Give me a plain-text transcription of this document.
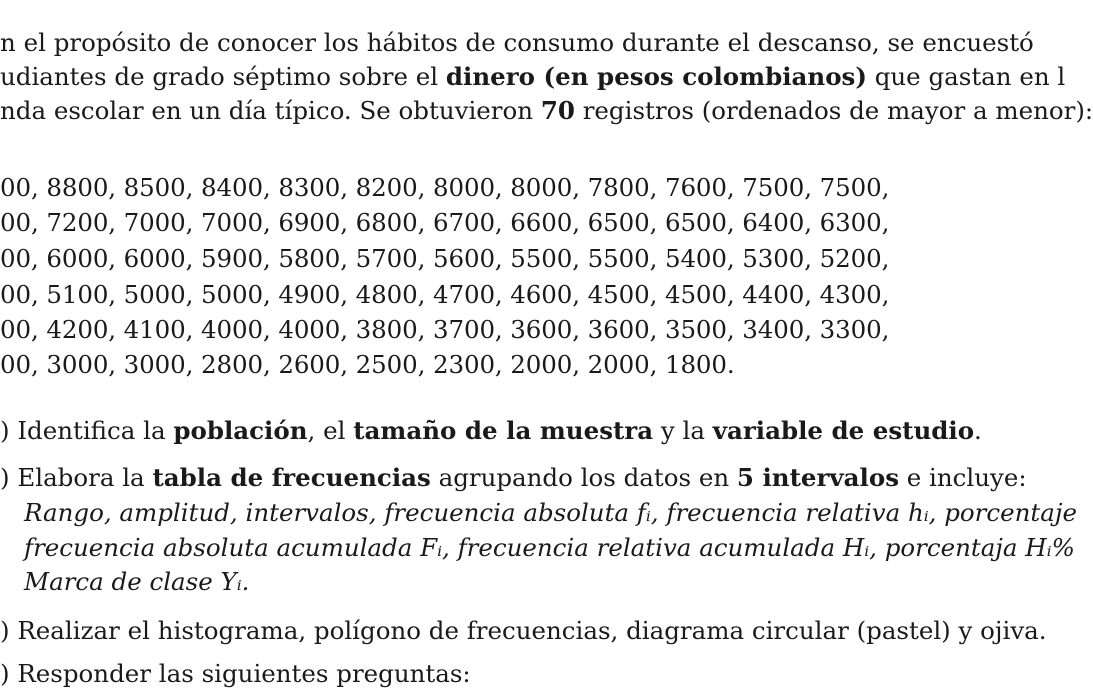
n el propósito de conocer los hábitos de consumo durante el descanso, se encuestó
udiantes de grado séptimo sobre el dinero (en pesos colombianos) que gastan en l
nda escolar en un día típico. Se obtuvieron 70 registros (ordenados de mayor a menor):
00, 8800, 8500, 8400, 8300, 8200, 8000, 8000, 7800, 7600, 7500, 7500,
00, 7200, 7000, 7000, 6900, 6800, 6700, 6600, 6500, 6500, 6400, 6300,
00, 6000, 6000, 5900, 5800, 5700, 5600, 5500, 5500, 5400, 5300, 5200,
00, 5100, 5000, 5000, 4900, 4800, 4700, 4600, 4500, 4500, 4400, 4300,
00, 4200, 4100, 4000, 4000, 3800, 3700, 3600, 3600, 3500, 3400, 3300,
00, 3000, 3000, 2800, 2600, 2500, 2300, 2000, 2000, 1800.
) Identifica la población, el tamaño de la muestra y la variable de estudio.
) Elabora la tabla de frecuencias agrupando los datos en 5 intervalos e incluye:
Rango, amplitud, intervalos, frecuencia absoluta fᵢ, frecuencia relativa hᵢ, porcentaje
frecuencia absoluta acumulada Fᵢ, frecuencia relativa acumulada Hᵢ, porcentaja Hᵢ%
Marca de clase Yᵢ.
) Realizar el histograma, polígono de frecuencias, diagrama circular (pastel) y ojiva.
) Responder las siguientes preguntas:
